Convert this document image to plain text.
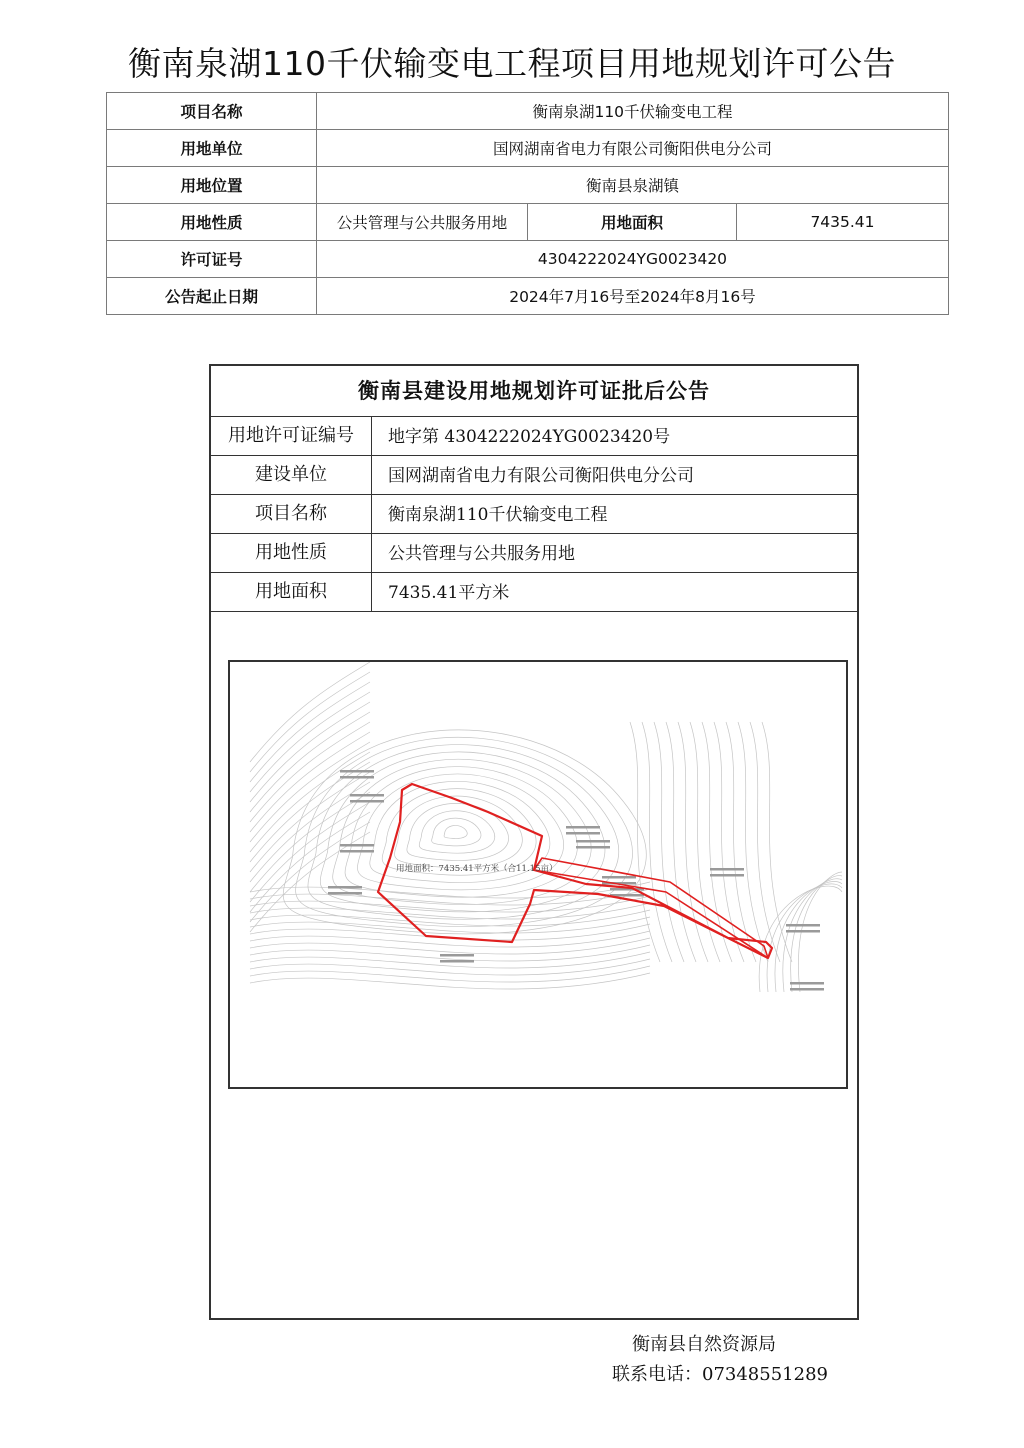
衡南泉湖110千伏输变电工程项目用地规划许可公告
项目名称	衡南泉湖110千伏输变电工程		
用地单位	国网湖南省电力有限公司衡阳供电分公司		
用地位置	衡南县泉湖镇		
用地性质	公共管理与公共服务用地	用地面积	7435.41
许可证号	4304222024YG0023420		
公告起止日期	2024年7月16号至2024年8月16号		
衡南县建设用地规划许可证批后公告
用地许可证编号	地字第 4304222024YG0023420号
建设单位	国网湖南省电力有限公司衡阳供电分公司
项目名称	衡南泉湖110千伏输变电工程
用地性质	公共管理与公共服务用地
用地面积	7435.41平方米
用地面积：7435.41平方米（合11.15亩）
衡南县自然资源局
联系电话：07348551289
